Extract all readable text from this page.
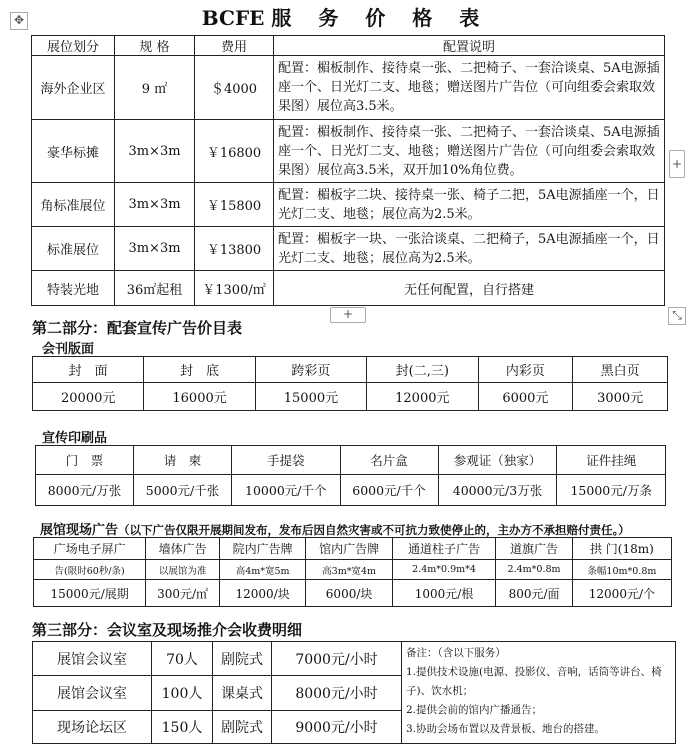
BCFE 服 务 价 格 表
✥
+
+	⤡
展位划分	规 格	费用	配置说明
海外企业区	9 ㎡	＄4000	配置：楣板制作、接待桌一张、二把椅子、一套洽谈桌、5A电源插座一个、日光灯二支、地毯；赠送图片广告位（可向组委会索取效果图）展位高3.5米。
豪华标摊	3m×3m	￥16800	配置：楣板制作、接待桌一张、二把椅子、一套洽谈桌、5A电源插座一个、日光灯二支、地毯；赠送图片广告位（可向组委会索取效果图）展位高3.5米，双开加10%角位费。
角标准展位	3m×3m	￥15800	配置：楣板字二块、接待桌一张、椅子二把，5A电源插座一个，日光灯二支、地毯；展位高为2.5米。
标准展位	3m×3m	￥13800	配置：楣板字一块、一张洽谈桌、二把椅子，5A电源插座一个，日光灯二支、地毯；展位高为2.5米。
特装光地	36㎡起租	￥1300/㎡	无任何配置，自行搭建
第二部分：配套宣传广告价目表
会刊版面
封　面	封　底	跨彩页	封(二,三)	内彩页	黑白页
20000元	16000元	15000元	12000元	6000元	3000元
宣传印刷品
门　票	请　柬	手提袋	名片盒	参观证（独家）	证件挂绳
8000元/万张	5000元/千张	10000元/千个	6000元/千个	40000元/3万张	15000元/万条
展馆现场广告（以下广告仅限开展期间发布，发布后因自然灾害或不可抗力致使停止的，主办方不承担赔付责任。）
广场电子屏广	墙体广告	院内广告牌	馆内广告牌	通道柱子广告	道旗广告	拱 门(18m)
告(限时60秒/条)	以展馆为准	高4m*宽5m	高3m*宽4m	2.4m*0.9m*4	2.4m*0.8m	条幅10m*0.8m
15000元/展期	300元/㎡	12000/块	6000/块	1000元/根	800元/面	12000元/个
第三部分：会议室及现场推介会收费明细
展馆会议室	70人	剧院式	7000元/小时	备注：（含以下服务）
1.提供技术设施(电源、投影仪、音响，话筒等讲台、椅子)、饮水机；
2.提供会前的馆内广播通告；
3.协助会场布置以及背景板、地台的搭建。

展馆会议室	100人	课桌式	8000元/小时	
现场论坛区	150人	剧院式	9000元/小时	
